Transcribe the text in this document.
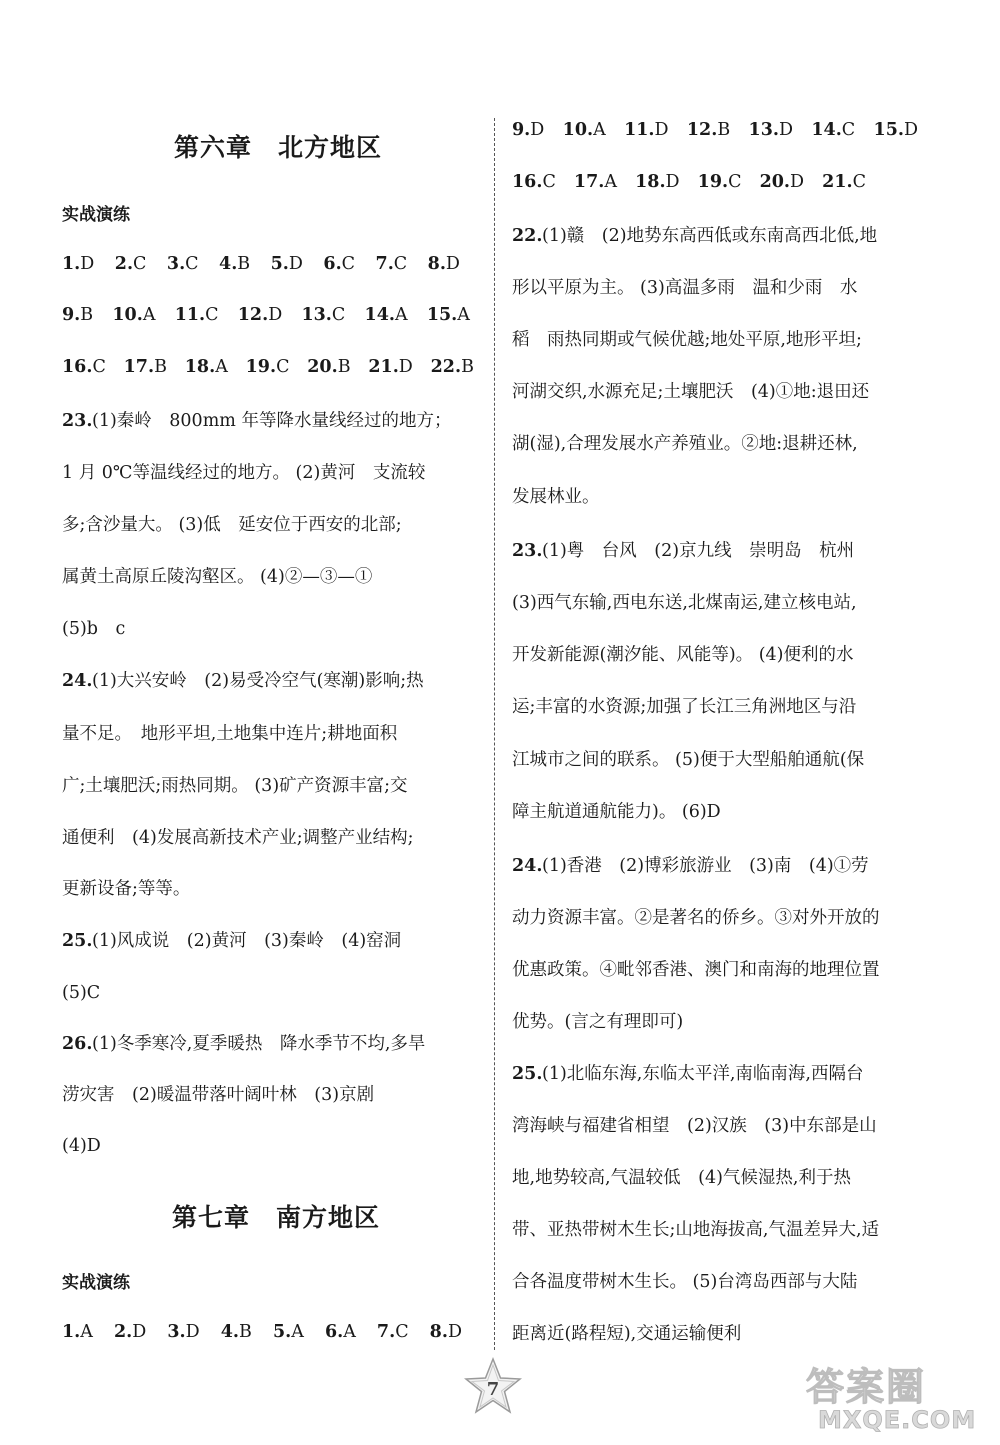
第六章　北方地区
实战演练
1.D 2.C 3.C 4.B 5.D 6.C 7.C 8.D
9.B 10.A 11.C 12.D 13.C 14.A 15.A
16.C 17.B 18.A 19.C 20.B 21.D 22.B
23. (1)秦岭　800mm 年等降水量线经过的地方；
1 月 0℃等温线经过的地方。 (2)黄河　支流较
多;含沙量大。 (3)低　延安位于西安的北部;
属黄土高原丘陵沟壑区。 (4)②—③—①
(5)b　c
24. (1)大兴安岭　(2)易受冷空气(寒潮)影响;热
量不足。　地形平坦,土地集中连片;耕地面积
广;土壤肥沃;雨热同期。 (3)矿产资源丰富;交
通便利　(4)发展高新技术产业;调整产业结构;
更新设备;等等。
25. (1)风成说　(2)黄河　(3)秦岭　(4)窑洞
(5)C
26. (1)冬季寒冷,夏季暖热　降水季节不均,多旱
涝灾害　(2)暖温带落叶阔叶林　(3)京剧
(4)D
第七章　南方地区
实战演练
1.A 2.D 3.D 4.B 5.A 6.A 7.C 8.D
9.D 10.A 11.D 12.B 13.D 14.C 15.D
16.C 17.A 18.D 19.C 20.D 21.C
22. (1)赣　(2)地势东高西低或东南高西北低,地
形以平原为主。 (3)高温多雨　温和少雨　水
稻　雨热同期或气候优越;地处平原,地形平坦;
河湖交织,水源充足;土壤肥沃　(4)①地:退田还
湖(湿),合理发展水产养殖业。②地:退耕还林,
发展林业。
23. (1)粤　台风　(2)京九线　崇明岛　杭州
(3)西气东输,西电东送,北煤南运,建立核电站,
开发新能源(潮汐能、风能等)。 (4)便利的水
运;丰富的水资源;加强了长江三角洲地区与沿
江城市之间的联系。 (5)便于大型船舶通航(保
障主航道通航能力)。 (6)D
24. (1)香港　(2)博彩旅游业　(3)南　(4)①劳
动力资源丰富。②是著名的侨乡。③对外开放的
优惠政策。④毗邻香港、澳门和南海的地理位置
优势。(言之有理即可)
25. (1)北临东海,东临太平洋,南临南海,西隔台
湾海峡与福建省相望　(2)汉族　(3)中东部是山
地,地势较高,气温较低　(4)气候湿热,利于热
带、亚热带树木生长;山地海拔高,气温差异大,适
合各温度带树木生长。 (5)台湾岛西部与大陆
距离近(路程短),交通运输便利
7	答案圈
MXQE.COM
